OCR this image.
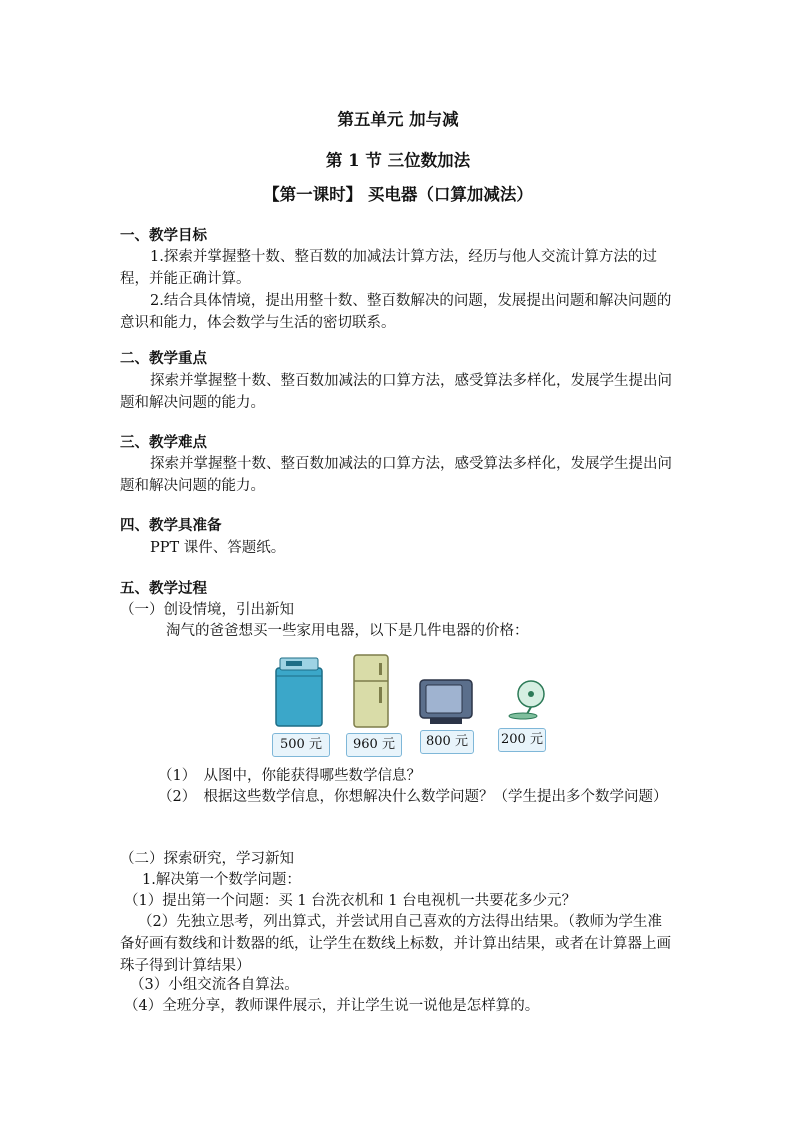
第五单元 加与减
第 1 节 三位数加法
【第一课时】 买电器（口算加减法）
一、教学目标
1.探索并掌握整十数、整百数的加减法计算方法，经历与他人交流计算方法的过程，并能正确计算。
2.结合具体情境，提出用整十数、整百数解决的问题，发展提出问题和解决问题的意识和能力，体会数学与生活的密切联系。
二、教学重点
探索并掌握整十数、整百数加减法的口算方法，感受算法多样化，发展学生提出问题和解决问题的能力。
三、教学难点
探索并掌握整十数、整百数加减法的口算方法，感受算法多样化，发展学生提出问题和解决问题的能力。
四、教学具准备
PPT 课件、答题纸。
五、教学过程
（一）创设情境，引出新知
淘气的爸爸想买一些家用电器，以下是几件电器的价格：
500 元	960 元	800 元	200 元
（1）　从图中，你能获得哪些数学信息？
（2）　根据这些数学信息，你想解决什么数学问题？（学生提出多个数学问题）
（二）探索研究，学习新知
1.解决第一个数学问题：
（1）提出第一个问题：买 1 台洗衣机和 1 台电视机一共要花多少元？
（2）先独立思考，列出算式，并尝试用自己喜欢的方法得出结果。（教师为学生准备好画有数线和计数器的纸，让学生在数线上标数，并计算出结果，或者在计算器上画珠子得到计算结果）
（3）小组交流各自算法。
（4）全班分享，教师课件展示，并让学生说一说他是怎样算的。
